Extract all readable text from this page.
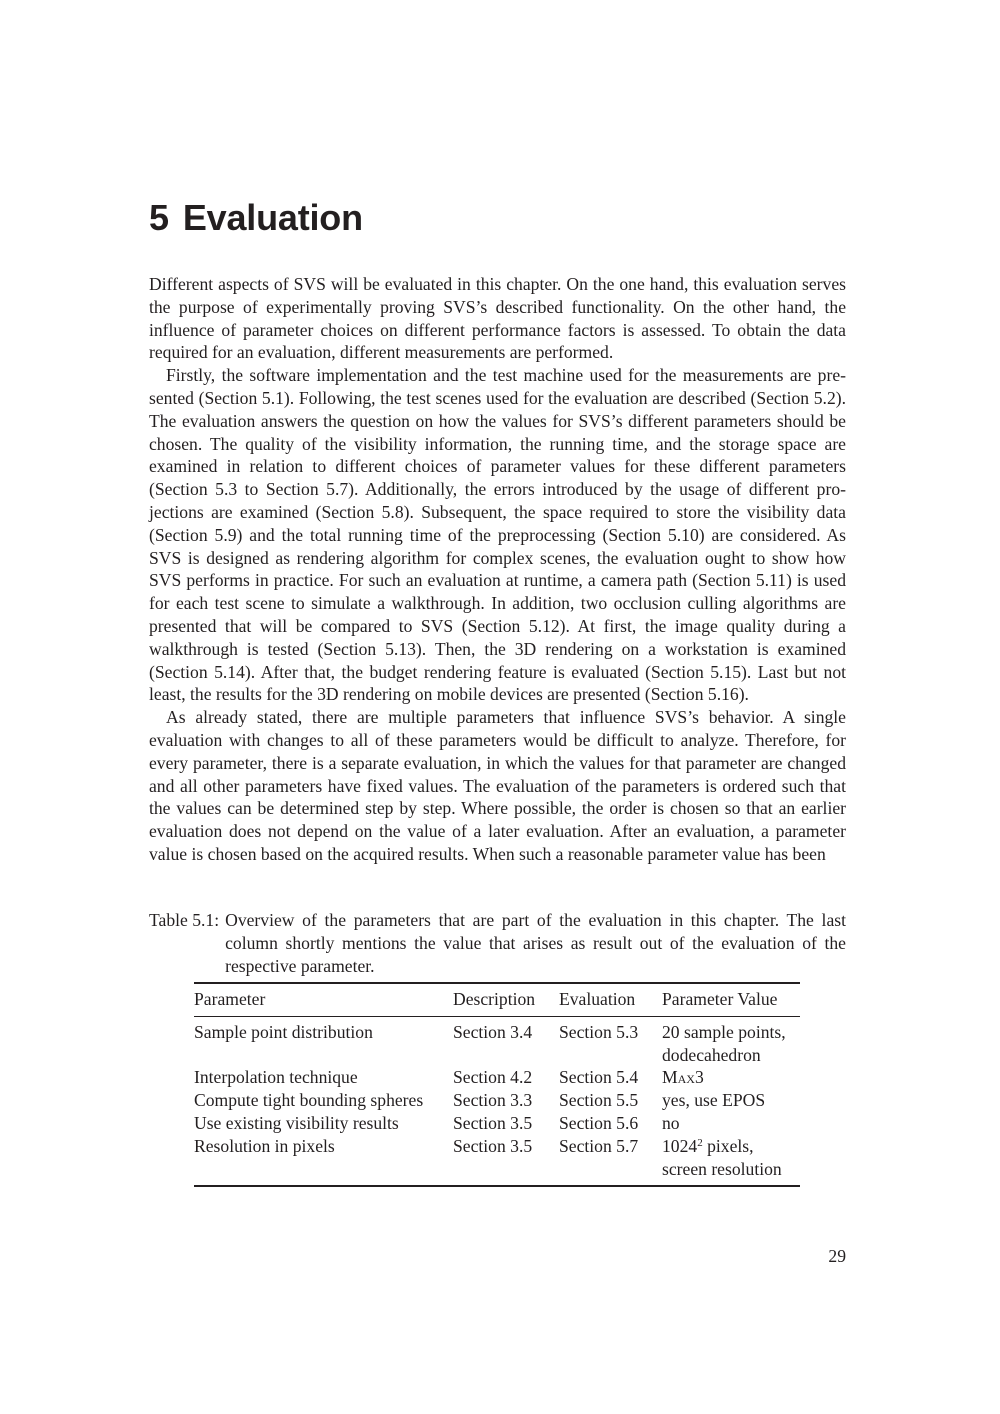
5 Evaluation

Different aspects of SVS will be evaluated in this chapter. On the one hand, this evaluation serves the purpose of experimentally proving SVS’s described functionality. On the other hand, the influence of parameter choices on different performance factors is assessed. To obtain the data required for an evaluation, different measurements are performed.

Firstly, the software implementation and the test machine used for the measurements are presented (Section 5.1). Following, the test scenes used for the evaluation are described (Section 5.2). The evaluation answers the question on how the values for SVS’s different parameters should be chosen. The quality of the visibility information, the running time, and the storage space are examined in relation to different choices of parameter values for these different parameters (Section 5.3 to Section 5.7). Additionally, the errors introduced by the usage of different projections are examined (Section 5.8). Subsequent, the space required to store the visibility data (Section 5.9) and the total running time of the preprocessing (Section 5.10) are considered. As SVS is designed as rendering algorithm for complex scenes, the evaluation ought to show how SVS performs in practice. For such an evaluation at runtime, a camera path (Section 5.11) is used for each test scene to simulate a walkthrough. In addition, two occlusion culling algorithms are presented that will be compared to SVS (Section 5.12). At first, the image quality during a walkthrough is tested (Section 5.13). Then, the 3D rendering on a workstation is examined (Section 5.14). After that, the budget rendering feature is evaluated (Section 5.15). Last but not least, the results for the 3D rendering on mobile devices are presented (Section 5.16).

As already stated, there are multiple parameters that influence SVS’s behavior. A single evaluation with changes to all of these parameters would be difficult to analyze. Therefore, for every parameter, there is a separate evaluation, in which the values for that parameter are changed and all other parameters have fixed values. The evaluation of the parameters is ordered such that the values can be determined step by step. Where possible, the order is chosen so that an earlier evaluation does not depend on the value of a later evaluation. After an evaluation, a parameter value is chosen based on the acquired results. When such a reasonable parameter value has been

Table 5.1: Overview of the parameters that are part of the evaluation in this chapter. The last column shortly mentions the value that arises as result out of the evaluation of the respective parameter.
Parameter	Description	Evaluation	Parameter Value
Sample point distribution	Section 3.4	Section 5.3	20 sample points,
dodecahedron

Interpolation technique	Section 4.2	Section 5.4	Max3
Compute tight bounding spheres	Section 3.3	Section 5.5	yes, use EPOS
Use existing visibility results	Section 3.5	Section 5.6	no
Resolution in pixels	Section 3.5	Section 5.7	1024$^2$ pixels,
screen resolution
29
